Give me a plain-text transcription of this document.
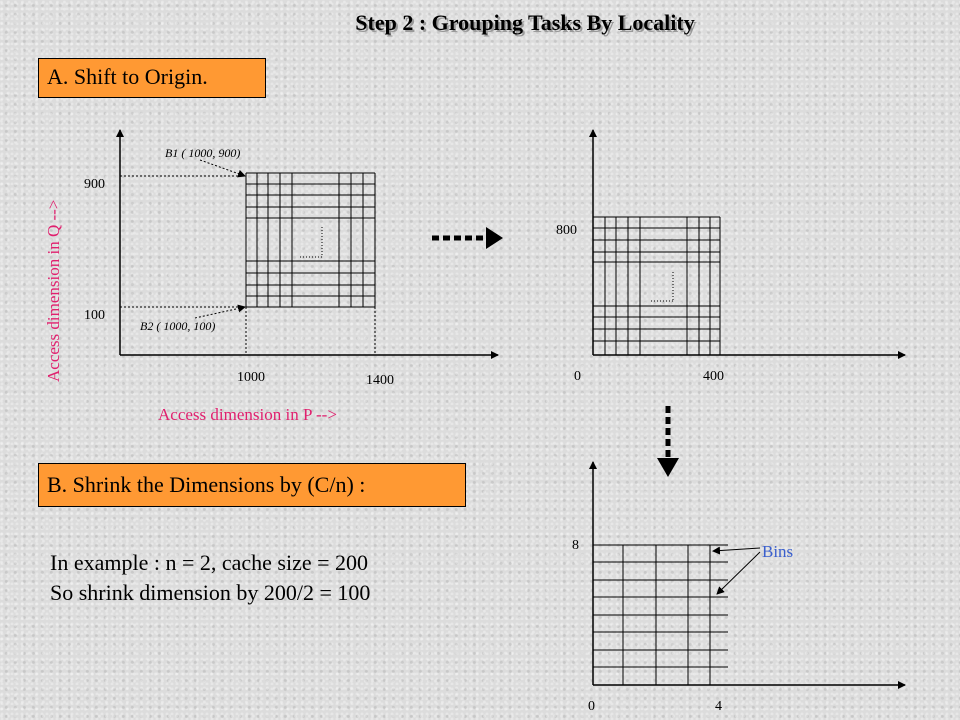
Step 2 : Grouping Tasks By Locality
A. Shift to Origin.
B. Shrink the Dimensions by (C/n) :
In example : n = 2, cache size = 200
So shrink dimension by 200/2 = 100
B1 ( 1000, 900)
B2 ( 1000, 100)
900
100
1000	1400
Access dimension in Q -->
Access dimension in P -->
800
0	400
Bins
8
0	4
